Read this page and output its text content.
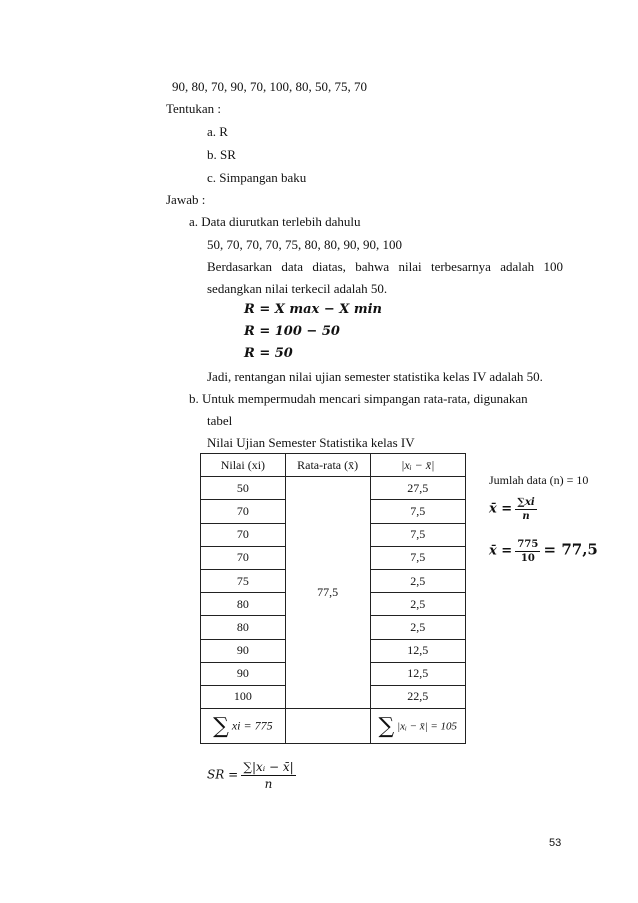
90, 80, 70, 90, 70, 100, 80, 50, 75, 70
Tentukan :
a. R
b. SR
c. Simpangan baku
Jawab :
a. Data diurutkan terlebih dahulu
50, 70, 70, 70, 75, 80, 80, 90, 90, 100
Berdasarkan data diatas, bahwa nilai terbesarnya adalah 100
sedangkan nilai terkecil adalah 50.
R = X max − X min
R = 100 − 50
R = 50
Jadi, rentangan nilai ujian semester statistika kelas IV adalah 50.
b. Untuk mempermudah mencari simpangan rata-rata, digunakan
tabel
Nilai Ujian Semester Statistika kelas IV
Nilai (xi)	Rata-rata (x̄)	|xᵢ − x̄|
50	77,5	27,5
70		7,5
70		7,5
70		7,5
75		2,5
80		2,5
80		2,5
90		12,5
90		12,5
100		22,5
∑ xi = 775		∑ |xᵢ − x̄| = 105
Jumlah data (n) = 10
x̄ = $\frac{\sum xi}{n}$
x̄ = $\frac{775}{10} = 77,5$
SR = $\frac{\text{∑|xᵢ − x̄|}}{n}$
53
